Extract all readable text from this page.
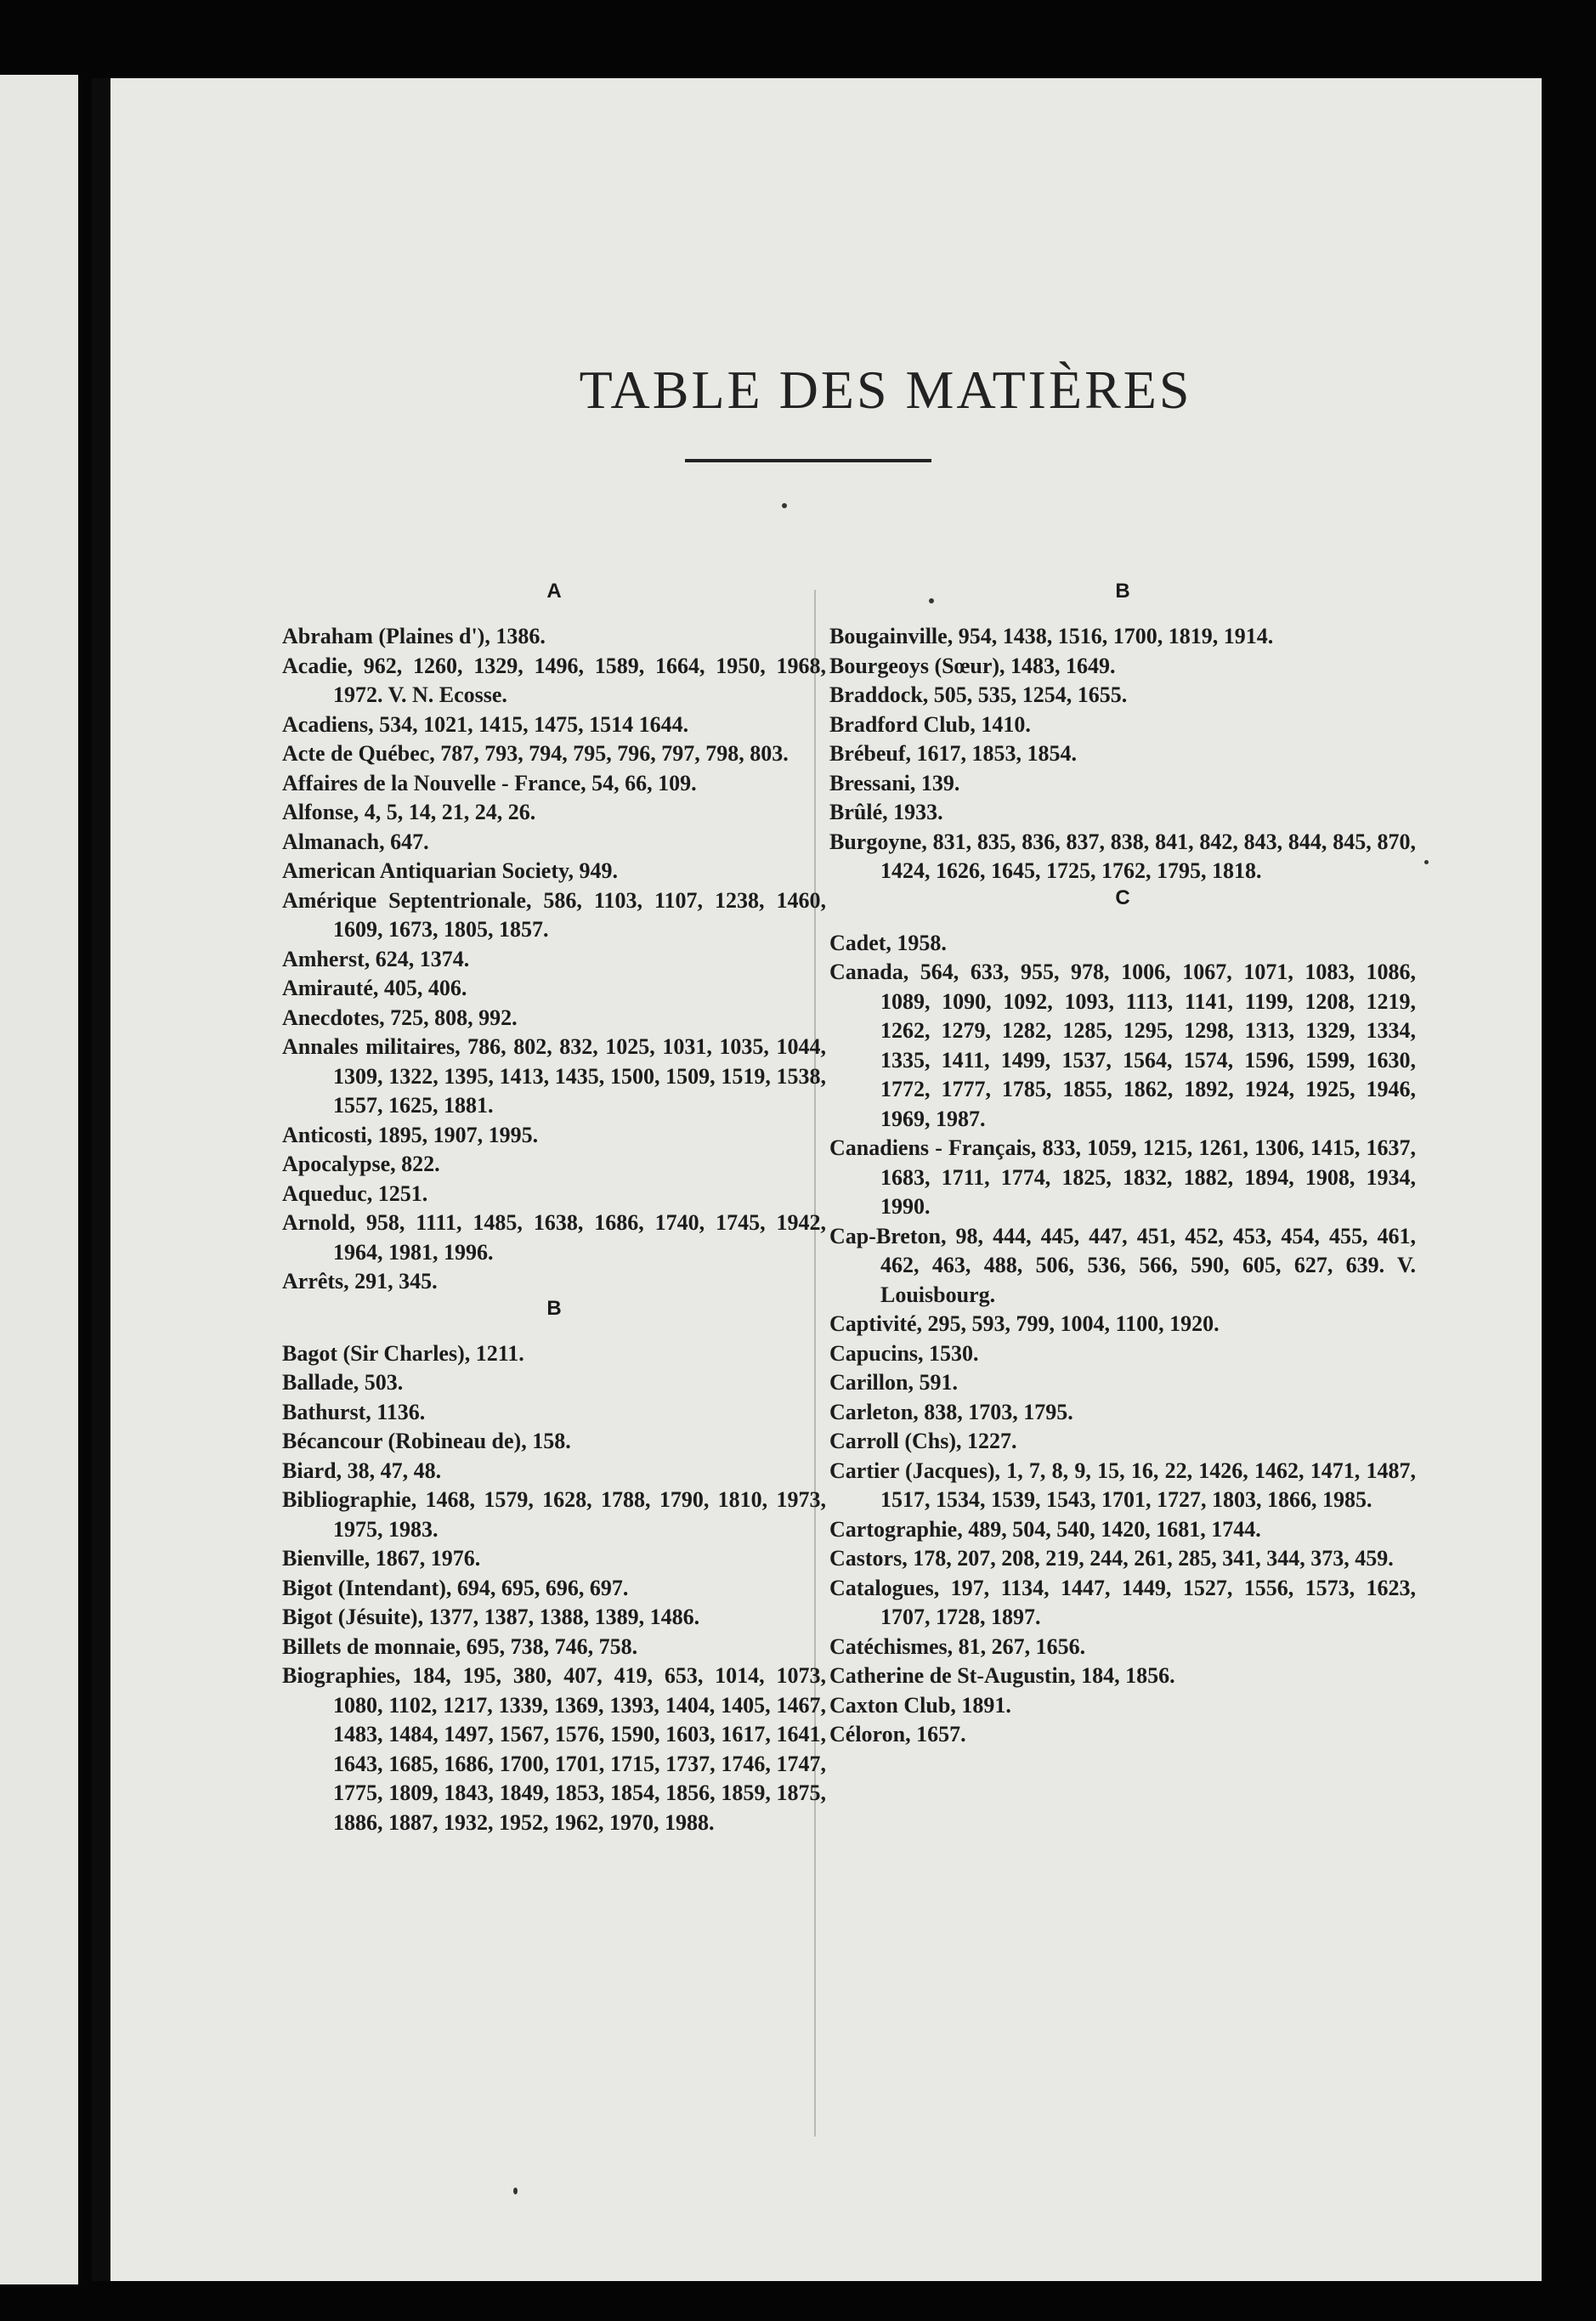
TABLE DES MATIÈRES
A

Abraham (Plaines d'), 1386.

Acadie, 962, 1260, 1329, 1496, 1589, 1664, 1950, 1968, 1972. V. N. Ecosse.

Acadiens, 534, 1021, 1415, 1475, 1514 1644.

Acte de Québec, 787, 793, 794, 795, 796, 797, 798, 803.

Affaires de la Nouvelle - France, 54, 66, 109.

Alfonse, 4, 5, 14, 21, 24, 26.

Almanach, 647.

American Antiquarian Society, 949.

Amérique Septentrionale, 586, 1103, 1107, 1238, 1460, 1609, 1673, 1805, 1857.

Amherst, 624, 1374.

Amirauté, 405, 406.

Anecdotes, 725, 808, 992.

Annales militaires, 786, 802, 832, 1025, 1031, 1035, 1044, 1309, 1322, 1395, 1413, 1435, 1500, 1509, 1519, 1538, 1557, 1625, 1881.

Anticosti, 1895, 1907, 1995.

Apocalypse, 822.

Aqueduc, 1251.

Arnold, 958, 1111, 1485, 1638, 1686, 1740, 1745, 1942, 1964, 1981, 1996.

Arrêts, 291, 345.

B

Bagot (Sir Charles), 1211.

Ballade, 503.

Bathurst, 1136.

Bécancour (Robineau de), 158.

Biard, 38, 47, 48.

Bibliographie, 1468, 1579, 1628, 1788, 1790, 1810, 1973, 1975, 1983.

Bienville, 1867, 1976.

Bigot (Intendant), 694, 695, 696, 697.

Bigot (Jésuite), 1377, 1387, 1388, 1389, 1486.

Billets de monnaie, 695, 738, 746, 758.

Biographies, 184, 195, 380, 407, 419, 653, 1014, 1073, 1080, 1102, 1217, 1339, 1369, 1393, 1404, 1405, 1467, 1483, 1484, 1497, 1567, 1576, 1590, 1603, 1617, 1641, 1643, 1685, 1686, 1700, 1701, 1715, 1737, 1746, 1747, 1775, 1809, 1843, 1849, 1853, 1854, 1856, 1859, 1875, 1886, 1887, 1932, 1952, 1962, 1970, 1988.

B

Bougainville, 954, 1438, 1516, 1700, 1819, 1914.

Bourgeoys (Sœur), 1483, 1649.

Braddock, 505, 535, 1254, 1655.

Bradford Club, 1410.

Brébeuf, 1617, 1853, 1854.

Bressani, 139.

Brûlé, 1933.

Burgoyne, 831, 835, 836, 837, 838, 841, 842, 843, 844, 845, 870, 1424, 1626, 1645, 1725, 1762, 1795, 1818.

C

Cadet, 1958.

Canada, 564, 633, 955, 978, 1006, 1067, 1071, 1083, 1086, 1089, 1090, 1092, 1093, 1113, 1141, 1199, 1208, 1219, 1262, 1279, 1282, 1285, 1295, 1298, 1313, 1329, 1334, 1335, 1411, 1499, 1537, 1564, 1574, 1596, 1599, 1630, 1772, 1777, 1785, 1855, 1862, 1892, 1924, 1925, 1946, 1969, 1987.

Canadiens - Français, 833, 1059, 1215, 1261, 1306, 1415, 1637, 1683, 1711, 1774, 1825, 1832, 1882, 1894, 1908, 1934, 1990.

Cap-Breton, 98, 444, 445, 447, 451, 452, 453, 454, 455, 461, 462, 463, 488, 506, 536, 566, 590, 605, 627, 639. V. Louisbourg.

Captivité, 295, 593, 799, 1004, 1100, 1920.

Capucins, 1530.

Carillon, 591.

Carleton, 838, 1703, 1795.

Carroll (Chs), 1227.

Cartier (Jacques), 1, 7, 8, 9, 15, 16, 22, 1426, 1462, 1471, 1487, 1517, 1534, 1539, 1543, 1701, 1727, 1803, 1866, 1985.

Cartographie, 489, 504, 540, 1420, 1681, 1744.

Castors, 178, 207, 208, 219, 244, 261, 285, 341, 344, 373, 459.

Catalogues, 197, 1134, 1447, 1449, 1527, 1556, 1573, 1623, 1707, 1728, 1897.

Catéchismes, 81, 267, 1656.

Catherine de St-Augustin, 184, 1856.

Caxton Club, 1891.

Céloron, 1657.
